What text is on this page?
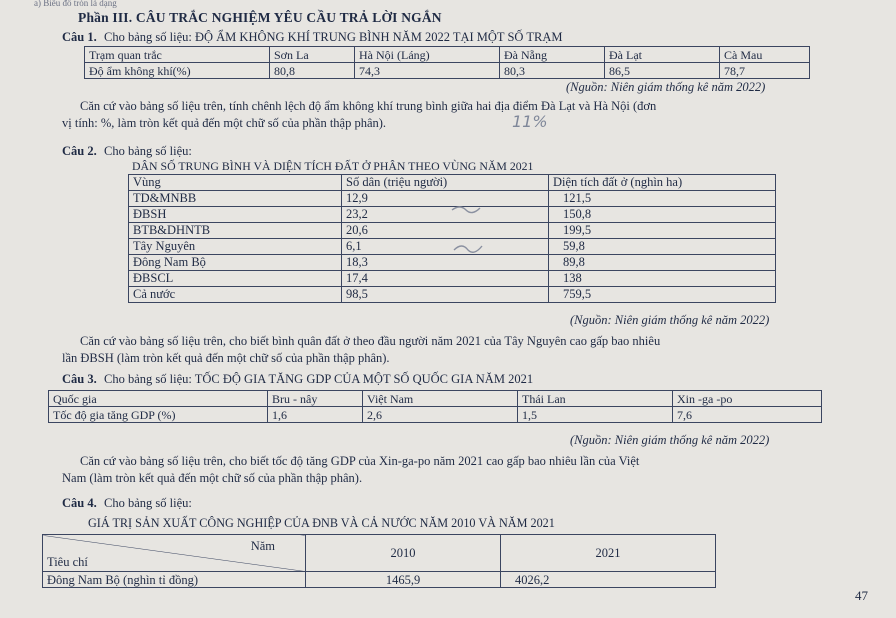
a) Biểu đồ tròn là dạng
Phần III. CÂU TRẮC NGHIỆM YÊU CẦU TRẢ LỜI NGẮN
Câu 1. Cho bảng số liệu: ĐỘ ẨM KHÔNG KHÍ TRUNG BÌNH NĂM 2022 TẠI MỘT SỐ TRẠM
Trạm quan trắc	Sơn La	Hà Nội (Láng)	Đà Nẵng	Đà Lạt	Cà Mau
Độ ẩm không khí(%)	80,8	74,3	80,3	86,5	78,7
(Nguồn: Niên giám thống kê năm 2022)
Căn cứ vào bảng số liệu trên, tính chênh lệch độ ẩm không khí trung bình giữa hai địa điểm Đà Lạt và Hà Nội (đơn
vị tính: %, làm tròn kết quả đến một chữ số của phần thập phân).	11%
Câu 2. Cho bảng số liệu:
DÂN SỐ TRUNG BÌNH VÀ DIỆN TÍCH ĐẤT Ở PHÂN THEO VÙNG NĂM 2021
Vùng	Số dân (triệu người)	Diện tích đất ở (nghìn ha)
TD&MNBB	12,9	121,5
ĐBSH	23,2	150,8
BTB&DHNTB	20,6	199,5
Tây Nguyên	6,1	59,8
Đông Nam Bộ	18,3	89,8
ĐBSCL	17,4	138
Cả nước	98,5	759,5
(Nguồn: Niên giám thống kê năm 2022)
Căn cứ vào bảng số liệu trên, cho biết bình quân đất ở theo đầu người năm 2021 của Tây Nguyên cao gấp bao nhiêu
lần ĐBSH (làm tròn kết quả đến một chữ số của phần thập phân).
Câu 3. Cho bảng số liệu: TỐC ĐỘ GIA TĂNG GDP CỦA MỘT SỐ QUỐC GIA NĂM 2021
Quốc gia	Bru - nây	Việt Nam	Thái Lan	Xin -ga -po
Tốc độ gia tăng GDP (%)	1,6	2,6	1,5	7,6
(Nguồn: Niên giám thống kê năm 2022)
Căn cứ vào bảng số liệu trên, cho biết tốc độ tăng GDP của Xin-ga-po năm 2021 cao gấp bao nhiêu lần của Việt
Nam (làm tròn kết quả đến một chữ số của phần thập phân).
Câu 4. Cho bảng số liệu:
GIÁ TRỊ SẢN XUẤT CÔNG NGHIỆP CỦA ĐNB VÀ CẢ NƯỚC NĂM 2010 VÀ NĂM 2021
Năm
Tiêu chí	2010	2021
Đông Nam Bộ (nghìn tỉ đồng)	1465,9	4026,2
47
